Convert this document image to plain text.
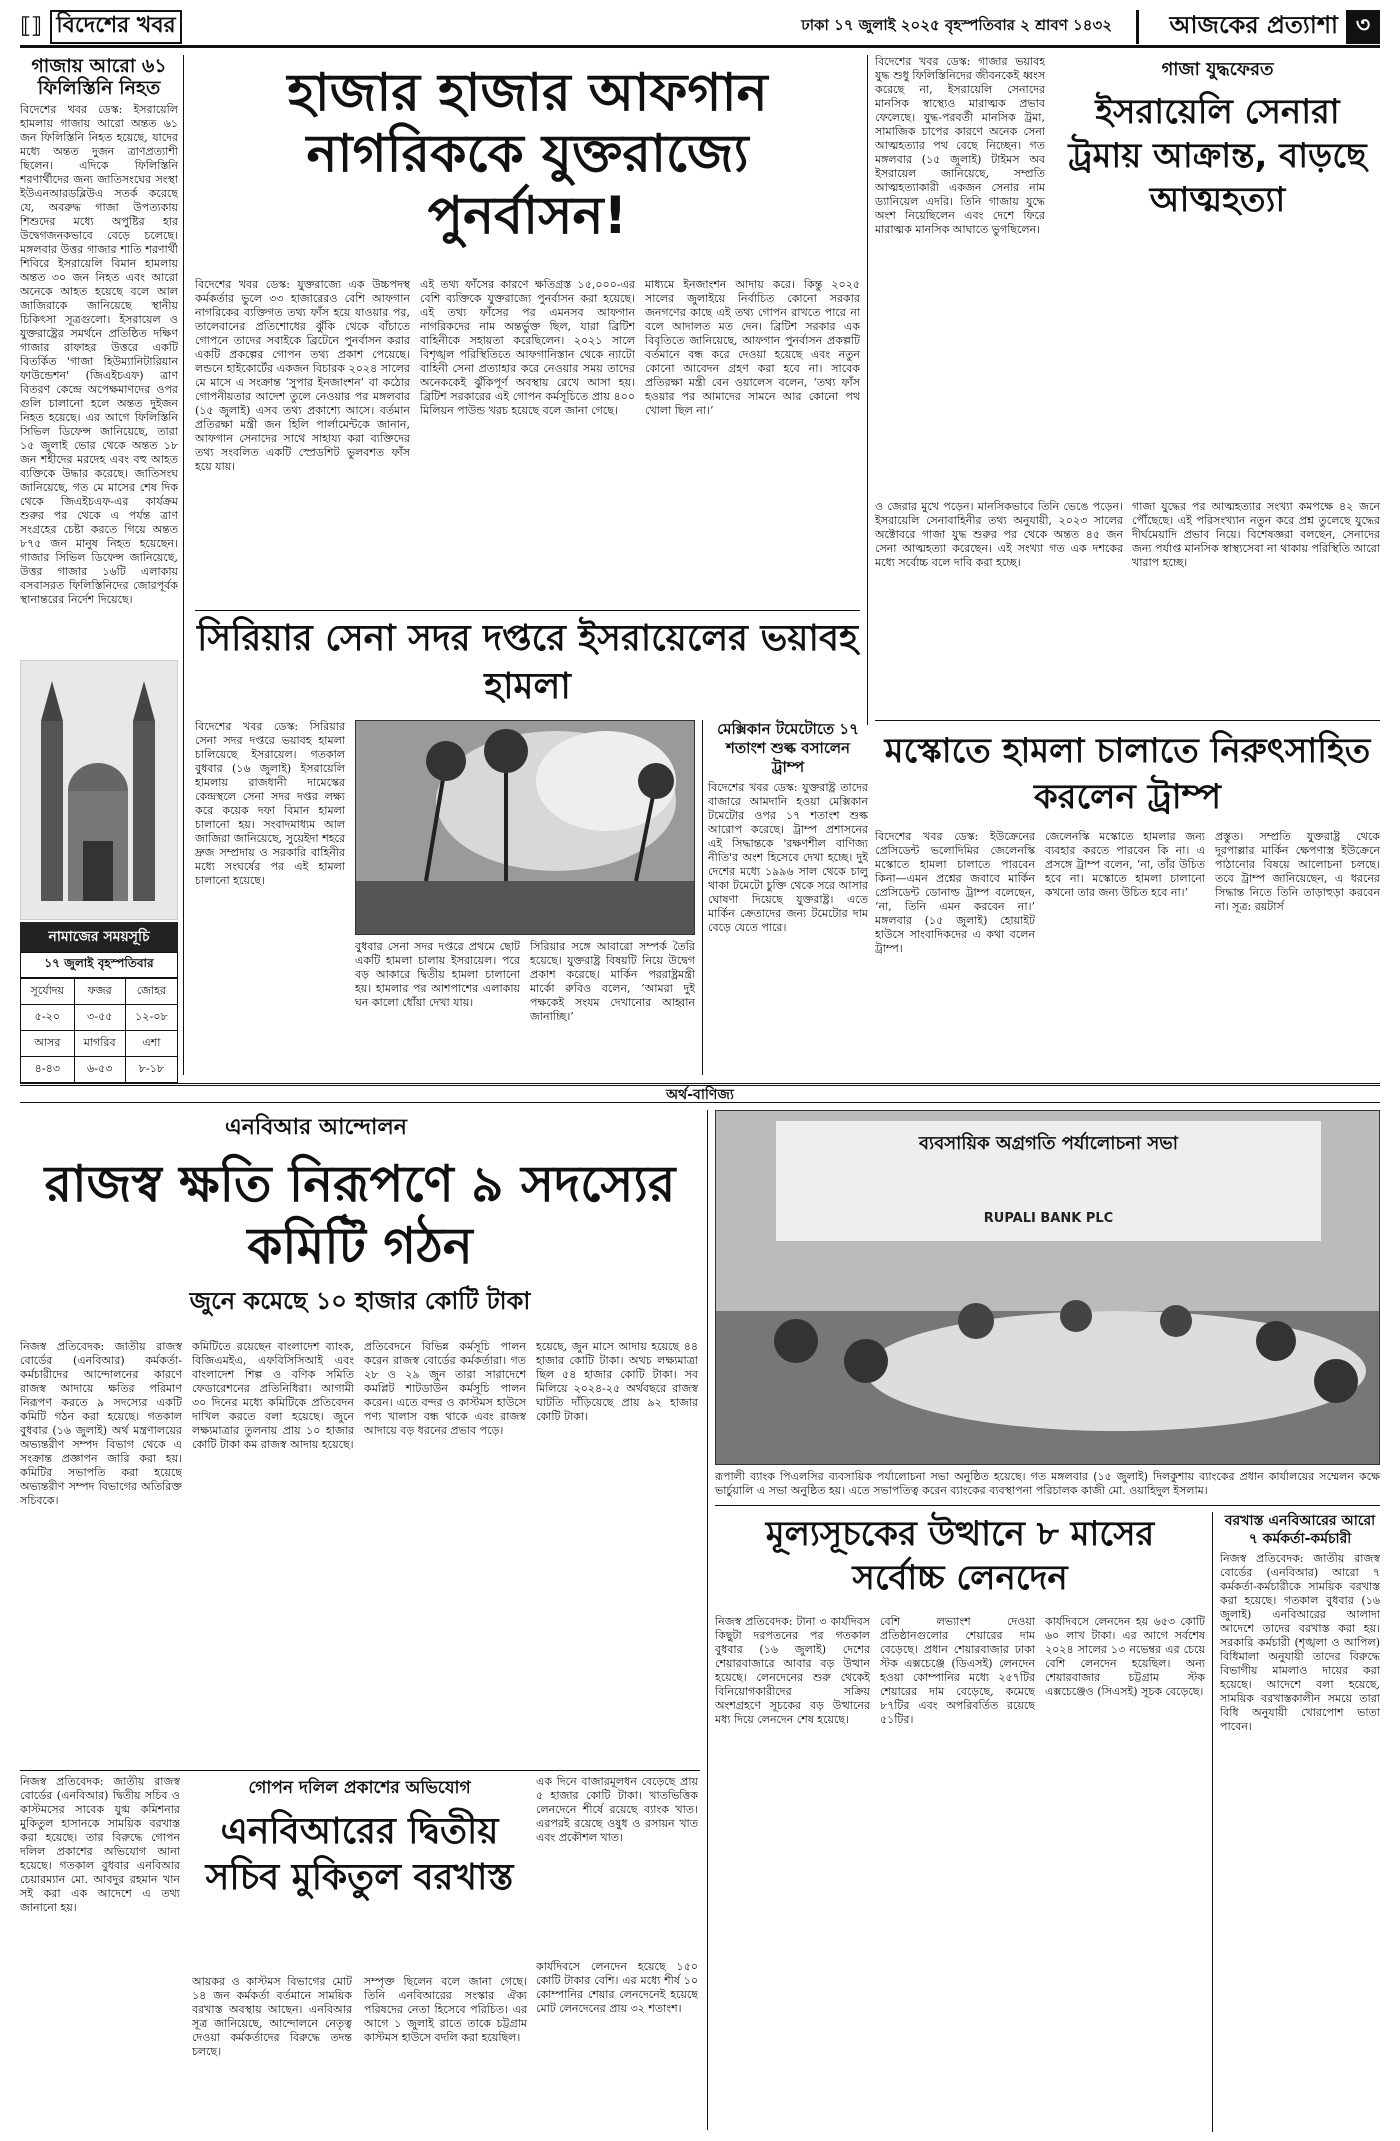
⟦⟧ বিদেশের খবর	ঢাকা ১৭ জুলাই ২০২৫ বৃহস্পতিবার ২ শ্রাবণ ১৪৩২	আজকের প্রত্যাশা ৩
গাজায় আরো ৬১ ফিলিস্তিনি নিহত
বিদেশের খবর ডেস্ক: ইসরায়েলি হামলায় গাজায় আরো অন্তত ৬১ জন ফিলিস্তিনি নিহত হয়েছে, যাদের মধ্যে অন্তত দুজন ত্রাণপ্রত্যাশী ছিলেন। এদিকে ফিলিস্তিনি শরণার্থীদের জন্য জাতিসংঘের সংস্থা ইউএনআরডব্লিউএ সতর্ক করেছে যে, অবরুদ্ধ গাজা উপত্যকায় শিশুদের মধ্যে অপুষ্টির হার উদ্বেগজনকভাবে বেড়ে চলেছে। মঙ্গলবার উত্তর গাজার শাতি শরণার্থী শিবিরে ইসরায়েলি বিমান হামলায় অন্তত ৩০ জন নিহত এবং আরো অনেকে আহত হয়েছে বলে আল জাজিরাকে জানিয়েছে স্থানীয় চিকিৎসা সূত্রগুলো। ইসরায়েল ও যুক্তরাষ্ট্রের সমর্থনে প্রতিষ্ঠিত দক্ষিণ গাজার রাফাহর উত্তরে একটি বিতর্কিত 'গাজা হিউম্যানিটারিয়ান ফাউন্ডেশন' (জিএইচএফ) ত্রাণ বিতরণ কেন্দ্রে অপেক্ষমাণদের ওপর গুলি চালানো হলে অন্তত দুইজন নিহত হয়েছে। এর আগে ফিলিস্তিনি সিভিল ডিফেন্স জানিয়েছে, তারা ১৫ জুলাই ভোর থেকে অন্তত ১৮ জন শহীদের মরদেহ এবং বহু আহত ব্যক্তিকে উদ্ধার করেছে। জাতিসংঘ জানিয়েছে, গত মে মাসের শেষ দিক থেকে জিএইচএফ-এর কার্যক্রম শুরুর পর থেকে এ পর্যন্ত ত্রাণ সংগ্রহের চেষ্টা করতে গিয়ে অন্তত ৮৭৫ জন মানুষ নিহত হয়েছেন। গাজার সিভিল ডিফেন্স জানিয়েছে, উত্তর গাজার ১৬টি এলাকায় বসবাসরত ফিলিস্তিনিদের জোরপূর্বক স্থানান্তরের নির্দেশ দিয়েছে।
নামাজের সময়সূচি
১৭ জুলাই বৃহস্পতিবার
সূর্যোদয়	ফজর	জোহর
৫-২০	৩-৫৫	১২-০৮
আসর	মাগরিব	এশা
৪-৪৩	৬-৫৩	৮-১৮
হাজার হাজার আফগান নাগরিককে যুক্তরাজ্যে পুনর্বাসন!
বিদেশের খবর ডেস্ক: যুক্তরাজ্যে এক উচ্চপদস্থ কর্মকর্তার ভুলে ৩৩ হাজারেরও বেশি আফগান নাগরিকের ব্যক্তিগত তথ্য ফাঁস হয়ে যাওয়ার পর, তালেবানের প্রতিশোধের ঝুঁকি থেকে বাঁচাতে গোপনে তাদের সবাইকে ব্রিটেনে পুনর্বাসন করার একটি প্রকল্পের গোপন তথ্য প্রকাশ পেয়েছে। লন্ডনে হাইকোর্টের একজন বিচারক ২০২৪ সালের মে মাসে এ সংক্রান্ত ‘সুপার ইনজাংশন’ বা কঠোর গোপনীয়তার আদেশ তুলে নেওয়ার পর মঙ্গলবার (১৫ জুলাই) এসব তথ্য প্রকাশ্যে আসে। বর্তমান প্রতিরক্ষা মন্ত্রী জন হিলি পার্লামেন্টকে জানান, আফগান সেনাদের সাথে সাহায্য করা ব্যক্তিদের তথ্য সংবলিত একটি স্প্রেডশিট ভুলবশত ফাঁস হয়ে যায়।
এই তথ্য ফাঁসের কারণে ক্ষতিগ্রস্ত ১৫,০০০-এর বেশি ব্যক্তিকে যুক্তরাজ্যে পুনর্বাসন করা হয়েছে। এই তথ্য ফাঁসের পর এমনসব আফগান নাগরিকদের নাম অন্তর্ভুক্ত ছিল, যারা ব্রিটিশ বাহিনীকে সহায়তা করেছিলেন। ২০২১ সালে বিশৃঙ্খল পরিস্থিতিতে আফগানিস্তান থেকে ন্যাটো বাহিনী সেনা প্রত্যাহার করে নেওয়ার সময় তাদের অনেককেই ঝুঁকিপূর্ণ অবস্থায় রেখে আসা হয়। ব্রিটিশ সরকারের এই গোপন কর্মসূচিতে প্রায় ৪০০ মিলিয়ন পাউন্ড খরচ হয়েছে বলে জানা গেছে।
মাধ্যমে ইনজাংশন আদায় করে। কিন্তু ২০২৫ সালের জুলাইয়ে নির্বাচিত কোনো সরকার জনগণের কাছে এই তথ্য গোপন রাখতে পারে না বলে আদালত মত দেন। ব্রিটিশ সরকার এক বিবৃতিতে জানিয়েছে, আফগান পুনর্বাসন প্রকল্পটি বর্তমানে বন্ধ করে দেওয়া হয়েছে এবং নতুন কোনো আবেদন গ্রহণ করা হবে না। সাবেক প্রতিরক্ষা মন্ত্রী বেন ওয়ালেস বলেন, ‘তথ্য ফাঁস হওয়ার পর আমাদের সামনে আর কোনো পথ খোলা ছিল না।’
বিদেশের খবর ডেস্ক: গাজার ভয়াবহ যুদ্ধ শুধু ফিলিস্তিনিদের জীবনকেই ধ্বংস করেছে না, ইসরায়েলি সেনাদের মানসিক স্বাস্থ্যেও মারাত্মক প্রভাব ফেলেছে। যুদ্ধ-পরবর্তী মানসিক ট্রমা, সামাজিক চাপের কারণে অনেক সেনা আত্মহত্যার পথ বেছে নিচ্ছেন। গত মঙ্গলবার (১৫ জুলাই) টাইমস অব ইসরায়েল জানিয়েছে, সম্প্রতি আত্মহত্যাকারী একজন সেনার নাম ড্যানিয়েল এদরি। তিনি গাজায় যুদ্ধে অংশ নিয়েছিলেন এবং দেশে ফিরে মারাত্মক মানসিক আঘাতে ভুগছিলেন।
গাজা যুদ্ধফেরত
ইসরায়েলি সেনারা ট্রমায় আক্রান্ত, বাড়ছে আত্মহত্যা
ও জেরার মুখে পড়েন। মানসিকভাবে তিনি ভেঙে পড়েন। ইসরায়েলি সেনাবাহিনীর তথ্য অনুযায়ী, ২০২৩ সালের অক্টোবরে গাজা যুদ্ধ শুরুর পর থেকে অন্তত ৪৫ জন সেনা আত্মহত্যা করেছেন। এই সংখ্যা গত এক দশকের মধ্যে সর্বোচ্চ বলে দাবি করা হচ্ছে।
গাজা যুদ্ধের পর আত্মহত্যার সংখ্যা কমপক্ষে ৪২ জনে পৌঁছেছে। এই পরিসংখ্যান নতুন করে প্রশ্ন তুলেছে যুদ্ধের দীর্ঘমেয়াদি প্রভাব নিয়ে। বিশেষজ্ঞরা বলছেন, সেনাদের জন্য পর্যাপ্ত মানসিক স্বাস্থ্যসেবা না থাকায় পরিস্থিতি আরো খারাপ হচ্ছে।
সিরিয়ার সেনা সদর দপ্তরে ইসরায়েলের ভয়াবহ হামলা
বিদেশের খবর ডেস্ক: সিরিয়ার সেনা সদর দপ্তরে ভয়াবহ হামলা চালিয়েছে ইসরায়েল। গতকাল বুধবার (১৬ জুলাই) ইসরায়েলি হামলায় রাজধানী দামেস্কের কেন্দ্রস্থলে সেনা সদর দপ্তর লক্ষ্য করে কয়েক দফা বিমান হামলা চালানো হয়। সংবাদমাধ্যম আল জাজিরা জানিয়েছে, সুয়েইদা শহরে দ্রুজ সম্প্রদায় ও সরকারি বাহিনীর মধ্যে সংঘর্ষের পর এই হামলা চালানো হয়েছে।
বুধবার সেনা সদর দপ্তরে প্রথমে ছোট একটি হামলা চালায় ইসরায়েল। পরে বড় আকারে দ্বিতীয় হামলা চালানো হয়। হামলার পর আশপাশের এলাকায় ঘন কালো ধোঁয়া দেখা যায়।
সিরিয়ার সঙ্গে আবারো সম্পর্ক তৈরি হয়েছে। যুক্তরাষ্ট্র বিষয়টি নিয়ে উদ্বেগ প্রকাশ করেছে। মার্কিন পররাষ্ট্রমন্ত্রী মার্কো রুবিও বলেন, ‘আমরা দুই পক্ষকেই সংযম দেখানোর আহ্বান জানাচ্ছি।’
মেক্সিকান টমেটোতে ১৭ শতাংশ শুল্ক বসালেন ট্রাম্প
বিদেশের খবর ডেস্ক: যুক্তরাষ্ট্র তাদের বাজারে আমদানি হওয়া মেক্সিকান টমেটোর ওপর ১৭ শতাংশ শুল্ক আরোপ করেছে। ট্রাম্প প্রশাসনের এই সিদ্ধান্তকে 'রক্ষণশীল বাণিজ্য নীতি'র অংশ হিসেবে দেখা হচ্ছে। দুই দেশের মধ্যে ১৯৯৬ সাল থেকে চালু থাকা টমেটো চুক্তি থেকে সরে আসার ঘোষণা দিয়েছে যুক্তরাষ্ট্র। এতে মার্কিন ক্রেতাদের জন্য টমেটোর দাম বেড়ে যেতে পারে।
মস্কোতে হামলা চালাতে নিরুৎসাহিত করলেন ট্রাম্প
বিদেশের খবর ডেস্ক: ইউক্রেনের প্রেসিডেন্ট ভলোদিমির জেলেনস্কি মস্কোতে হামলা চালাতে পারবেন কিনা—এমন প্রশ্নের জবাবে মার্কিন প্রেসিডেন্ট ডোনাল্ড ট্রাম্প বলেছেন, ‘না, তিনি এমন করবেন না।’ মঙ্গলবার (১৫ জুলাই) হোয়াইট হাউসে সাংবাদিকদের এ কথা বলেন ট্রাম্প।
জেলেনস্কি মস্কোতে হামলার জন্য ব্যবহার করতে পারবেন কি না। এ প্রসঙ্গে ট্রাম্প বলেন, ‘না, তাঁর উচিত হবে না। মস্কোতে হামলা চালানো কখনো তার জন্য উচিত হবে না।’
প্রস্তুত। সম্প্রতি যুক্তরাষ্ট্র থেকে দূরপাল্লার মার্কিন ক্ষেপণাস্ত্র ইউক্রেনে পাঠানোর বিষয়ে আলোচনা চলছে। তবে ট্রাম্প জানিয়েছেন, এ ধরনের সিদ্ধান্ত নিতে তিনি তাড়াহুড়া করবেন না। সূত্র: রয়টার্স
অর্থ-বাণিজ্য
এনবিআর আন্দোলন
রাজস্ব ক্ষতি নিরূপণে ৯ সদস্যের কমিটি গঠন
জুনে কমেছে ১০ হাজার কোটি টাকা
নিজস্ব প্রতিবেদক: জাতীয় রাজস্ব বোর্ডের (এনবিআর) কর্মকর্তা-কর্মচারীদের আন্দোলনের কারণে রাজস্ব আদায়ে ক্ষতির পরিমাণ নিরূপণ করতে ৯ সদস্যের একটি কমিটি গঠন করা হয়েছে। গতকাল বুধবার (১৬ জুলাই) অর্থ মন্ত্রণালয়ের অভ্যন্তরীণ সম্পদ বিভাগ থেকে এ সংক্রান্ত প্রজ্ঞাপন জারি করা হয়। কমিটির সভাপতি করা হয়েছে অভ্যন্তরীণ সম্পদ বিভাগের অতিরিক্ত সচিবকে।
কমিটিতে রয়েছেন বাংলাদেশ ব্যাংক, বিজিএমইএ, এফবিসিসিআই এবং বাংলাদেশ শিল্প ও বণিক সমিতি ফেডারেশনের প্রতিনিধিরা। আগামী ৩০ দিনের মধ্যে কমিটিকে প্রতিবেদন দাখিল করতে বলা হয়েছে। জুনে লক্ষ্যমাত্রার তুলনায় প্রায় ১০ হাজার কোটি টাকা কম রাজস্ব আদায় হয়েছে।
প্রতিবেদনে বিভিন্ন কর্মসূচি পালন করেন রাজস্ব বোর্ডের কর্মকর্তারা। গত ২৮ ও ২৯ জুন তারা সারাদেশে কমপ্লিট শাটডাউন কর্মসূচি পালন করেন। এতে বন্দর ও কাস্টমস হাউসে পণ্য খালাস বন্ধ থাকে এবং রাজস্ব আদায়ে বড় ধরনের প্রভাব পড়ে।
হয়েছে, জুন মাসে আদায় হয়েছে ৪৪ হাজার কোটি টাকা। অথচ লক্ষ্যমাত্রা ছিল ৫৪ হাজার কোটি টাকা। সব মিলিয়ে ২০২৪-২৫ অর্থবছরে রাজস্ব ঘাটতি দাঁড়িয়েছে প্রায় ৯২ হাজার কোটি টাকা।
ব্যবসায়িক অগ্রগতি পর্যালোচনা সভা
RUPALI BANK PLC
রূপালী ব্যাংক পিএলসির ব্যবসায়িক পর্যালোচনা সভা অনুষ্ঠিত হয়েছে। গত মঙ্গলবার (১৫ জুলাই) দিলকুশায় ব্যাংকের প্রধান কার্যালয়ের সম্মেলন কক্ষে ভার্চুয়ালি এ সভা অনুষ্ঠিত হয়। এতে সভাপতিত্ব করেন ব্যাংকের ব্যবস্থাপনা পরিচালক কাজী মো. ওয়াহিদুল ইসলাম।
মূল্যসূচকের উত্থানে ৮ মাসের সর্বোচ্চ লেনদেন
নিজস্ব প্রতিবেদক: টানা ৩ কার্যদিবস কিছুটা দরপতনের পর গতকাল বুধবার (১৬ জুলাই) দেশের শেয়ারবাজারে আবার বড় উত্থান হয়েছে। লেনদেনের শুরু থেকেই বিনিয়োগকারীদের সক্রিয় অংশগ্রহণে সূচকের বড় উত্থানের মধ্য দিয়ে লেনদেন শেষ হয়েছে।
বেশি লভ্যাংশ দেওয়া প্রতিষ্ঠানগুলোর শেয়ারের দাম বেড়েছে। প্রধান শেয়ারবাজার ঢাকা স্টক এক্সচেঞ্জে (ডিএসই) লেনদেন হওয়া কোম্পানির মধ্যে ২৫৭টির শেয়ারের দাম বেড়েছে, কমেছে ৮৭টির এবং অপরিবর্তিত রয়েছে ৫১টির।
কার্যদিবসে লেনদেন হয় ৬৫৩ কোটি ৬০ লাখ টাকা। এর আগে সর্বশেষ ২০২৪ সালের ১৩ নভেম্বর এর চেয়ে বেশি লেনদেন হয়েছিল। অন্য শেয়ারবাজার চট্টগ্রাম স্টক এক্সচেঞ্জেও (সিএসই) সূচক বেড়েছে।
বরখাস্ত এনবিআরের আরো ৭ কর্মকর্তা-কর্মচারী
নিজস্ব প্রতিবেদক: জাতীয় রাজস্ব বোর্ডের (এনবিআর) আরো ৭ কর্মকর্তা-কর্মচারীকে সাময়িক বরখাস্ত করা হয়েছে। গতকাল বুধবার (১৬ জুলাই) এনবিআরের আলাদা আদেশে তাদের বরখাস্ত করা হয়। সরকারি কর্মচারী (শৃঙ্খলা ও আপিল) বিধিমালা অনুযায়ী তাদের বিরুদ্ধে বিভাগীয় মামলাও দায়ের করা হয়েছে। আদেশে বলা হয়েছে, সাময়িক বরখাস্তকালীন সময়ে তারা বিধি অনুযায়ী খোরপোশ ভাতা পাবেন।
নিজস্ব প্রতিবেদক: জাতীয় রাজস্ব বোর্ডের (এনবিআর) দ্বিতীয় সচিব ও কাস্টমসের সাবেক যুগ্ম কমিশনার মুকিতুল হাসানকে সাময়িক বরখাস্ত করা হয়েছে। তার বিরুদ্ধে গোপন দলিল প্রকাশের অভিযোগ আনা হয়েছে। গতকাল বুধবার এনবিআর চেয়ারম্যান মো. আবদুর রহমান খান সই করা এক আদেশে এ তথ্য জানানো হয়।
গোপন দলিল প্রকাশের অভিযোগ
এনবিআরের দ্বিতীয় সচিব মুকিতুল বরখাস্ত
আয়কর ও কাস্টমস বিভাগের মোট ১৪ জন কর্মকর্তা বর্তমানে সাময়িক বরখাস্ত অবস্থায় আছেন। এনবিআর সূত্র জানিয়েছে, আন্দোলনে নেতৃত্ব দেওয়া কর্মকর্তাদের বিরুদ্ধে তদন্ত চলছে।
সম্পৃক্ত ছিলেন বলে জানা গেছে। তিনি এনবিআরের সংস্কার ঐক্য পরিষদের নেতা হিসেবে পরিচিত। এর আগে ১ জুলাই রাতে তাকে চট্টগ্রাম কাস্টমস হাউসে বদলি করা হয়েছিল।
এক দিনে বাজারমূলধন বেড়েছে প্রায় ৫ হাজার কোটি টাকা। খাতভিত্তিক লেনদেনে শীর্ষে রয়েছে ব্যাংক খাত। এরপরই রয়েছে ওষুধ ও রসায়ন খাত এবং প্রকৌশল খাত।
কার্যদিবসে লেনদেন হয়েছে ১৫০ কোটি টাকার বেশি। এর মধ্যে শীর্ষ ১০ কোম্পানির শেয়ার লেনদেনেই হয়েছে মোট লেনদেনের প্রায় ৩২ শতাংশ।
